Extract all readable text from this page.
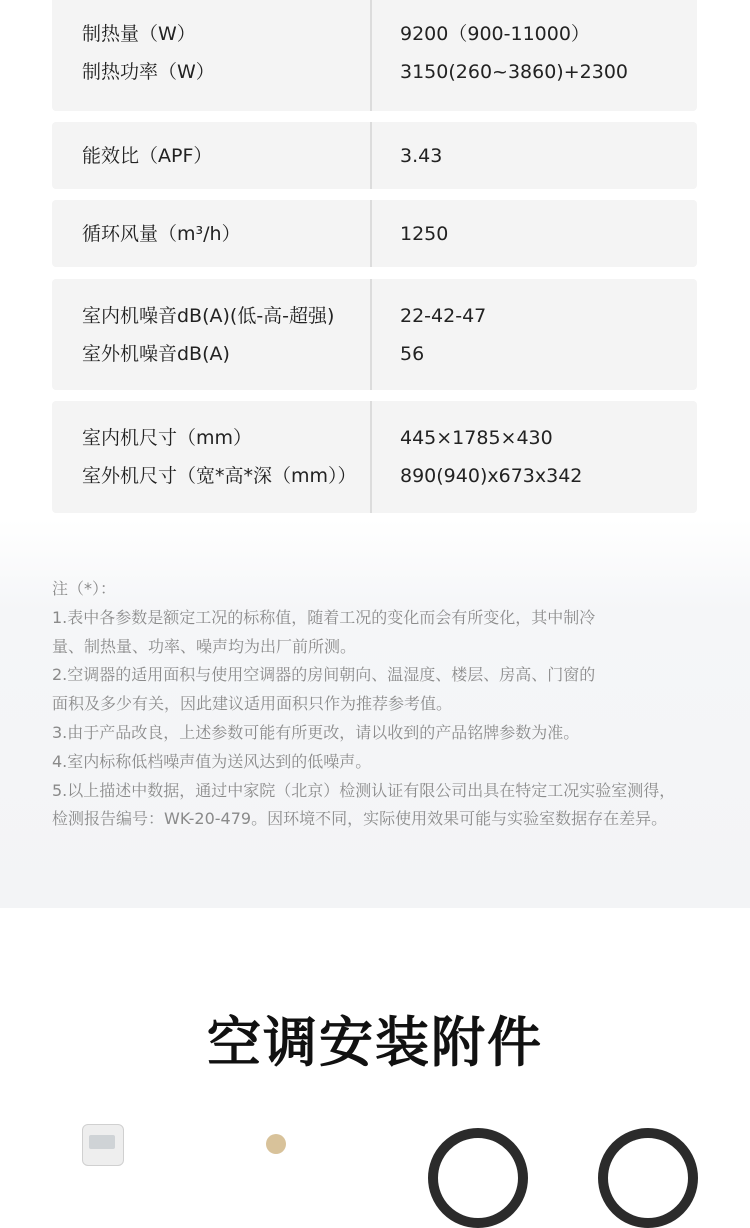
制热量（W）
制热功率（W）
9200（900-11000）
3150(260~3860)+2300
能效比（APF）	3.43
循环风量（m³/h）	1250
室内机噪音dB(A)(低-高-超强)
室外机噪音dB(A)
22-42-47
56
室内机尺寸（mm）
室外机尺寸（宽*高*深（mm））
445×1785×430
890(940)x673x342

注（*）：

1.表中各参数是额定工况的标称值，随着工况的变化而会有所变化，其中制冷

量、制热量、功率、噪声均为出厂前所测。

2.空调器的适用面积与使用空调器的房间朝向、温湿度、楼层、房高、门窗的

面积及多少有关，因此建议适用面积只作为推荐参考值。

3.由于产品改良，上述参数可能有所更改，请以收到的产品铭牌参数为准。

4.室内标称低档噪声值为送风达到的低噪声。

5.以上描述中数据，通过中家院（北京）检测认证有限公司出具在特定工况实验室测得，

检测报告编号：WK-20-479。因环境不同，实际使用效果可能与实验室数据存在差异。

空调安装附件
